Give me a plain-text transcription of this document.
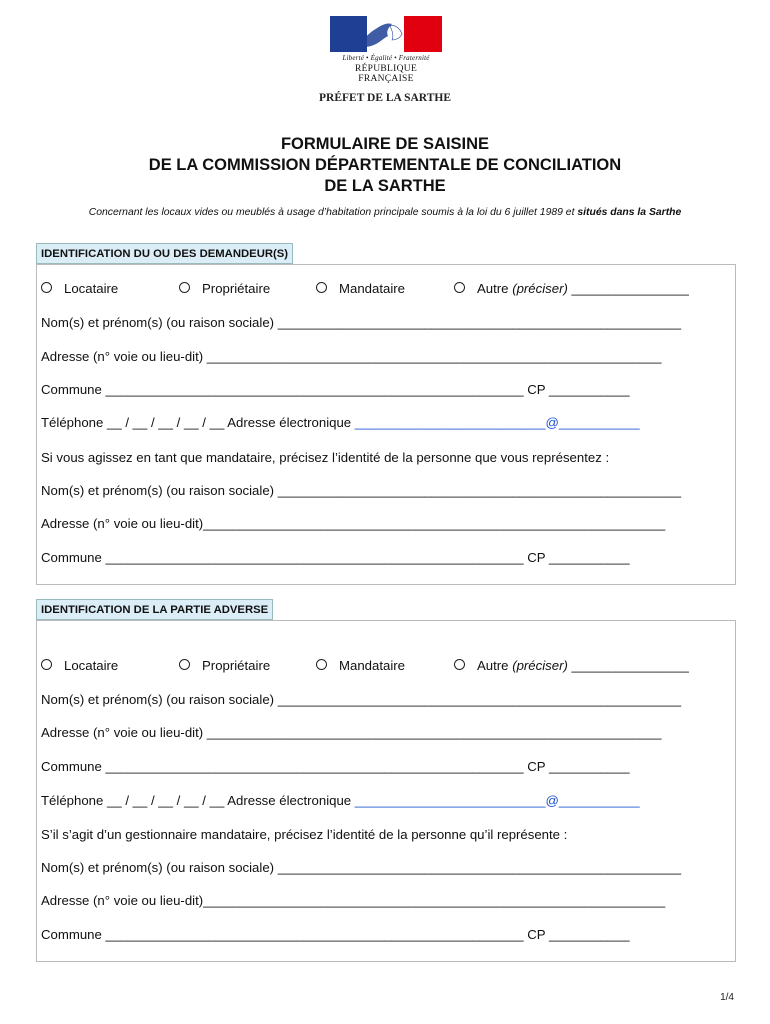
Liberté • Égalité • Fraternité
RÉPUBLIQUE FRANÇAISE
PRÉFET DE LA SARTHE
FORMULAIRE DE SAISINE
DE LA COMMISSION DÉPARTEMENTALE DE CONCILIATION
DE LA SARTHE
Concernant les locaux vides ou meublés à usage d’habitation principale soumis à la loi du 6 juillet 1989 et situés dans la Sarthe
IDENTIFICATION DU OU DES DEMANDEUR(S)
Locataire	Propriétaire	Mandataire	Autre (préciser) ________________
Nom(s) et prénom(s) (ou raison sociale) _______________________________________________________
Adresse (n° voie ou lieu-dit) ______________________________________________________________
Commune _________________________________________________________ CP ___________
Téléphone __ / __ / __ / __ / __ Adresse électronique __________________________@___________
Si vous agissez en tant que mandataire, précisez l’identité de la personne que vous représentez :
Nom(s) et prénom(s) (ou raison sociale) _______________________________________________________
Adresse (n° voie ou lieu-dit)_______________________________________________________________
Commune _________________________________________________________ CP ___________
IDENTIFICATION DE LA PARTIE ADVERSE
Locataire	Propriétaire	Mandataire	Autre (préciser) ________________
Nom(s) et prénom(s) (ou raison sociale) _______________________________________________________
Adresse (n° voie ou lieu-dit) ______________________________________________________________
Commune _________________________________________________________ CP ___________
Téléphone __ / __ / __ / __ / __ Adresse électronique __________________________@___________
S’il s’agit d’un gestionnaire mandataire, précisez l’identité de la personne qu’il représente :
Nom(s) et prénom(s) (ou raison sociale) _______________________________________________________
Adresse (n° voie ou lieu-dit)_______________________________________________________________
Commune _________________________________________________________ CP ___________
1/4
